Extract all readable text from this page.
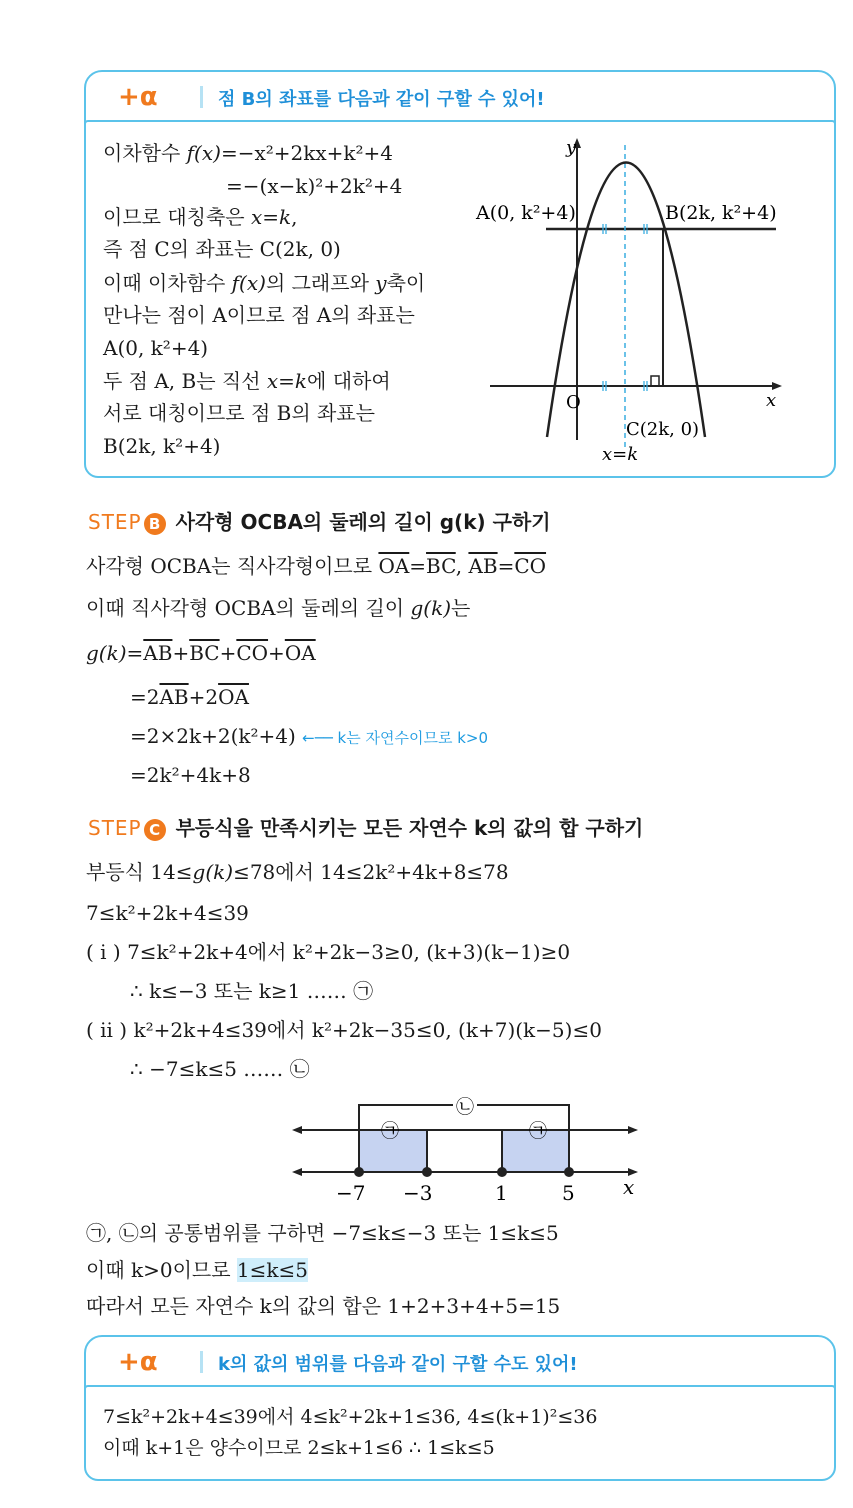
+α	점 B의 좌표를 다음과 같이 구할 수 있어!
이차함수 f(x)=−x²+2kx+k²+4
=−(x−k)²+2k²+4
이므로 대칭축은 x=k,
즉 점 C의 좌표는 C(2k, 0)
이때 이차함수 f(x)의 그래프와 y축이
만나는 점이 A이므로 점 A의 좌표는
A(0, k²+4)
두 점 A, B는 직선 x=k에 대하여
서로 대칭이므로 점 B의 좌표는
B(2k, k²+4)
y
x
O
A(0, k²+4)	B(2k, k²+4)
C(2k, 0)
x=k
STEP B 사각형 OCBA의 둘레의 길이 g(k) 구하기
사각형 OCBA는 직사각형이므로 $\overline{OA}=\overline{BC}$, $\overline{AB}=\overline{CO}$
이때 직사각형 OCBA의 둘레의 길이 g(k)는
$g(k)=\overline{AB}+\overline{BC}+\overline{CO}+\overline{OA}$
$=2\overline{AB}+2\overline{OA}$
=2×2k+2(k²+4) ←── k는 자연수이므로 k>0
=2k²+4k+8
STEP C 부등식을 만족시키는 모든 자연수 k의 값의 합 구하기
부등식 14≤g(k)≤78에서 14≤2k²+4k+8≤78
7≤k²+2k+4≤39
( i ) 7≤k²+2k+4에서 k²+2k−3≥0, (k+3)(k−1)≥0
∴ k≤−3 또는 k≥1 …… ㉠
( ii ) k²+2k+4≤39에서 k²+2k−35≤0, (k+7)(k−5)≤0
∴ −7≤k≤5 …… ㉡
㉡
㉠	㉠
−7 −3	1	5 x
㉠, ㉡의 공통범위를 구하면 −7≤k≤−3 또는 1≤k≤5
이때 k>0이므로 1≤k≤5
따라서 모든 자연수 k의 값의 합은 1+2+3+4+5=15
+α	k의 값의 범위를 다음과 같이 구할 수도 있어!
7≤k²+2k+4≤39에서 4≤k²+2k+1≤36, 4≤(k+1)²≤36
이때 k+1은 양수이므로 2≤k+1≤6 ∴ 1≤k≤5
